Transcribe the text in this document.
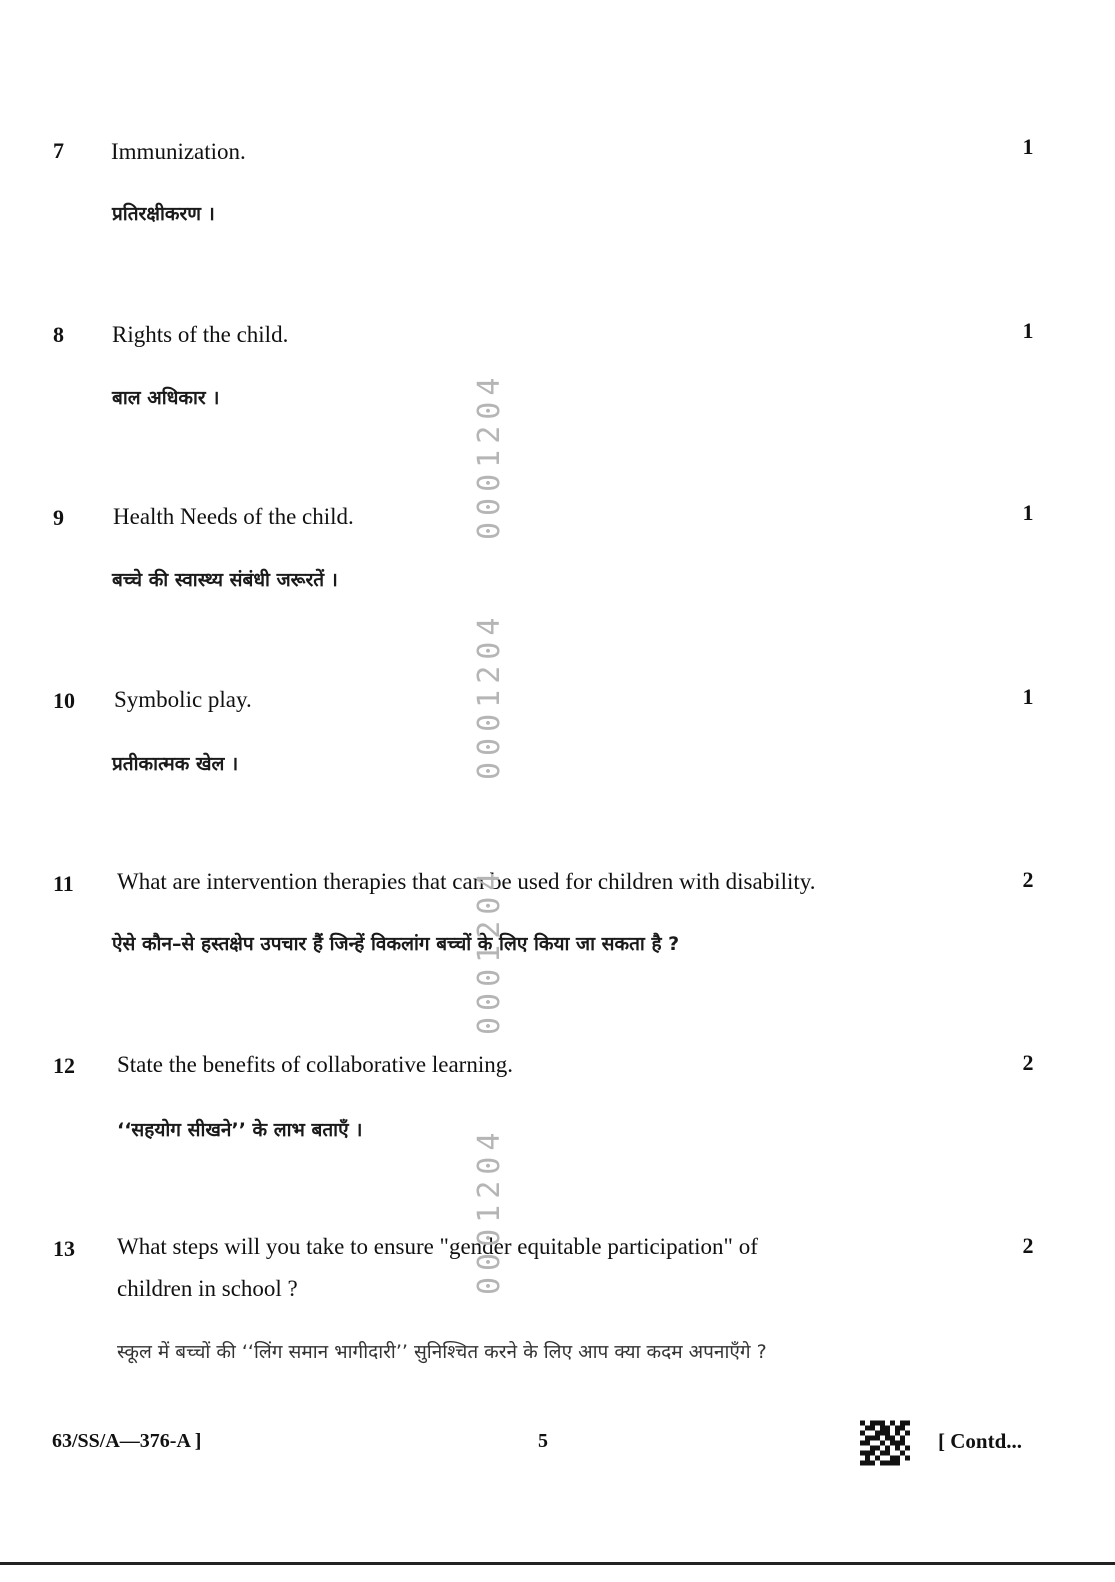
7	Immunization.
प्रतिरक्षीकरण ।
1
8	Rights of the child.
बाल अधिकार ।
1
9	Health Needs of the child.
बच्चे की स्वास्थ्य संबंधी जरूरतें ।
1
10	Symbolic play.
प्रतीकात्मक खेल ।
1
11	What are intervention therapies that can be used for children with disability.
ऐसे कौन–से हस्तक्षेप उपचार हैं जिन्हें विकलांग बच्चों के लिए किया जा सकता है ?
2
12	State the benefits of collaborative learning.
‘‘सहयोग सीखने’’ के लाभ बताएँ ।
2
13	What steps will you take to ensure "gender equitable participation" of
children in school ?
स्कूल में बच्चों की ‘‘लिंग समान भागीदारी’’ सुनिश्चित करने के लिए आप क्या कदम अपनाएँगे ?
2
0001204
0001204
0001204
0001204
63/SS/A—376-A ]	5	[ Contd...
